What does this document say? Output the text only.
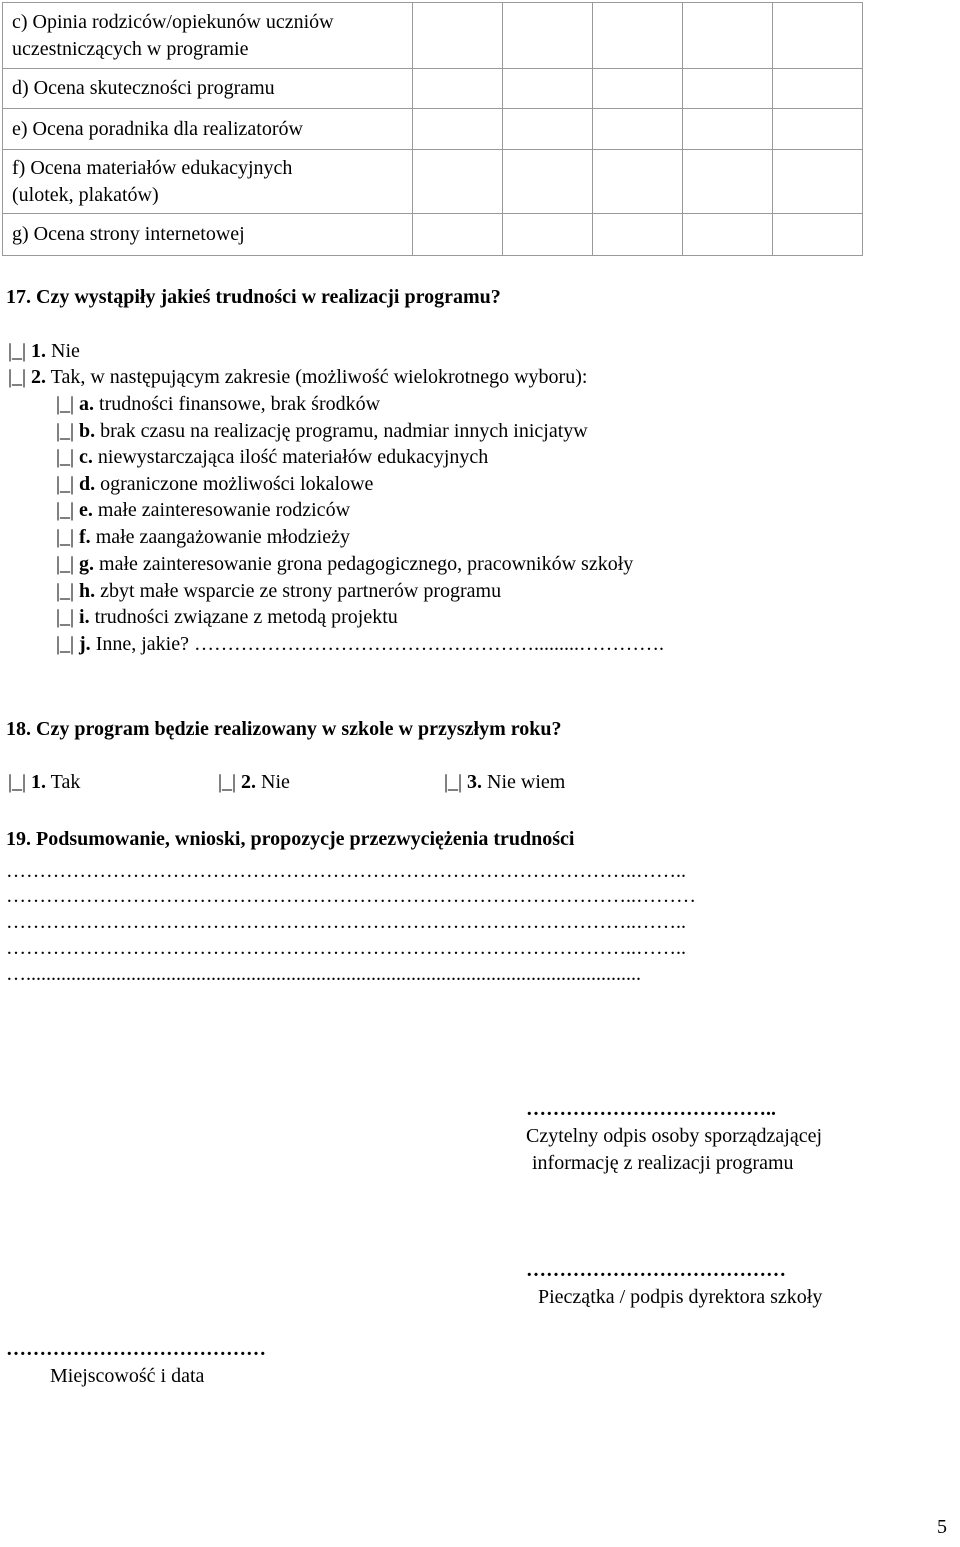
c) Opinia rodziców/opiekunów uczniów
uczestniczących w programie					

d) Ocena skuteczności programu					
e) Ocena poradnika dla realizatorów					

f) Ocena materiałów edukacyjnych
(ulotek, plakatów)					

g) Ocena strony internetowej					
17. Czy wystąpiły jakieś trudności w realizacji programu?
|_| 1. Nie
|_| 2. Tak, w następującym zakresie (możliwość wielokrotnego wyboru):
|_| a. trudności finansowe, brak środków
|_| b. brak czasu na realizację programu, nadmiar innych inicjatyw
|_| c. niewystarczająca ilość materiałów edukacyjnych
|_| d. ograniczone możliwości lokalowe
|_| e. małe zainteresowanie rodziców
|_| f. małe zaangażowanie młodzieży
|_| g. małe zainteresowanie grona pedagogicznego, pracowników szkoły
|_| h. zbyt małe wsparcie ze strony partnerów programu
|_| i. trudności związane z metodą projektu
|_| j. Inne, jakie? …………………………………………….........………….
18. Czy program będzie realizowany w szkole w przyszłym roku?
|_| 1. Tak	|_| 2. Nie	|_| 3. Nie wiem
19. Podsumowanie, wnioski, propozycje przezwyciężenia trudności
…………………………………………………………………………………..……..
…………………………………………………………………………………..………
…………………………………………………………………………………..……..
…………………………………………………………………………………..……..
…...........................................................................................................................
………………………………..
Czytelny odpis osoby sporządzającej
informację z realizacji programu
…………………………………
Pieczątka / podpis dyrektora szkoły
…………………………………
Miejscowość i data
5
